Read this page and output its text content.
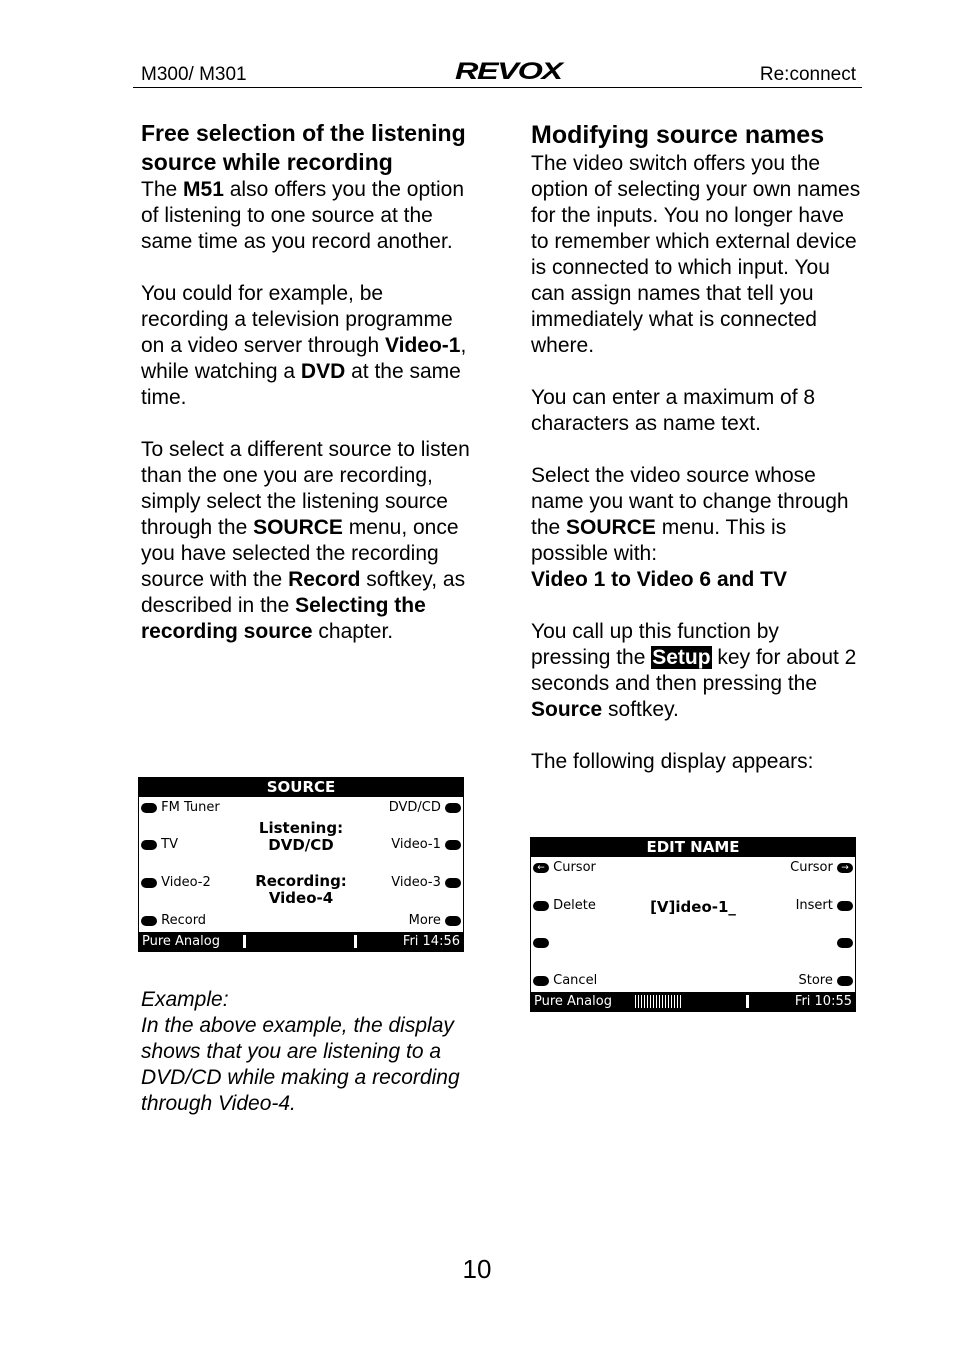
M300/ M301	REVOX	Re:connect

Free selection of the listening source while recording

The M51 also offers you the option of listening to one source at the same time as you record another.

You could for example, be recording a television programme on a video server through Video-1, while watching a DVD at the same time.

To select a different source to listen than the one you are recording, simply select the listening source through the SOURCE menu, once you have selected the recording source with the Record softkey, as described in the Selecting the recording source chapter.

SOURCE
FM Tuner
TV
Video-2
Record
DVD/CD
Video-1
Video-3
More
Listening:
DVD/CD
Recording:
Video-4
Pure Analog	Fri 14:56

Example:

In the above example, the display shows that you are listening to a DVD/CD while making a recording through Video-4.

Modifying source names

The video switch offers you the option of selecting your own names for the inputs. You no longer have to remember which external device is connected to which input. You can assign names that tell you immediately what is connected where.

You can enter a maximum of 8 characters as name text.

Select the video source whose name you want to change through the SOURCE menu. This is possible with:
Video 1 to Video 6 and TV

You call up this function by pressing the Setup key for about 2 seconds and then pressing the Source softkey.

The following display appears:

EDIT NAME
← Cursor
Delete
Cancel
Cursor →
Insert
Store
[V]ideo-1_
Pure Analog	Fri 10:55
10
